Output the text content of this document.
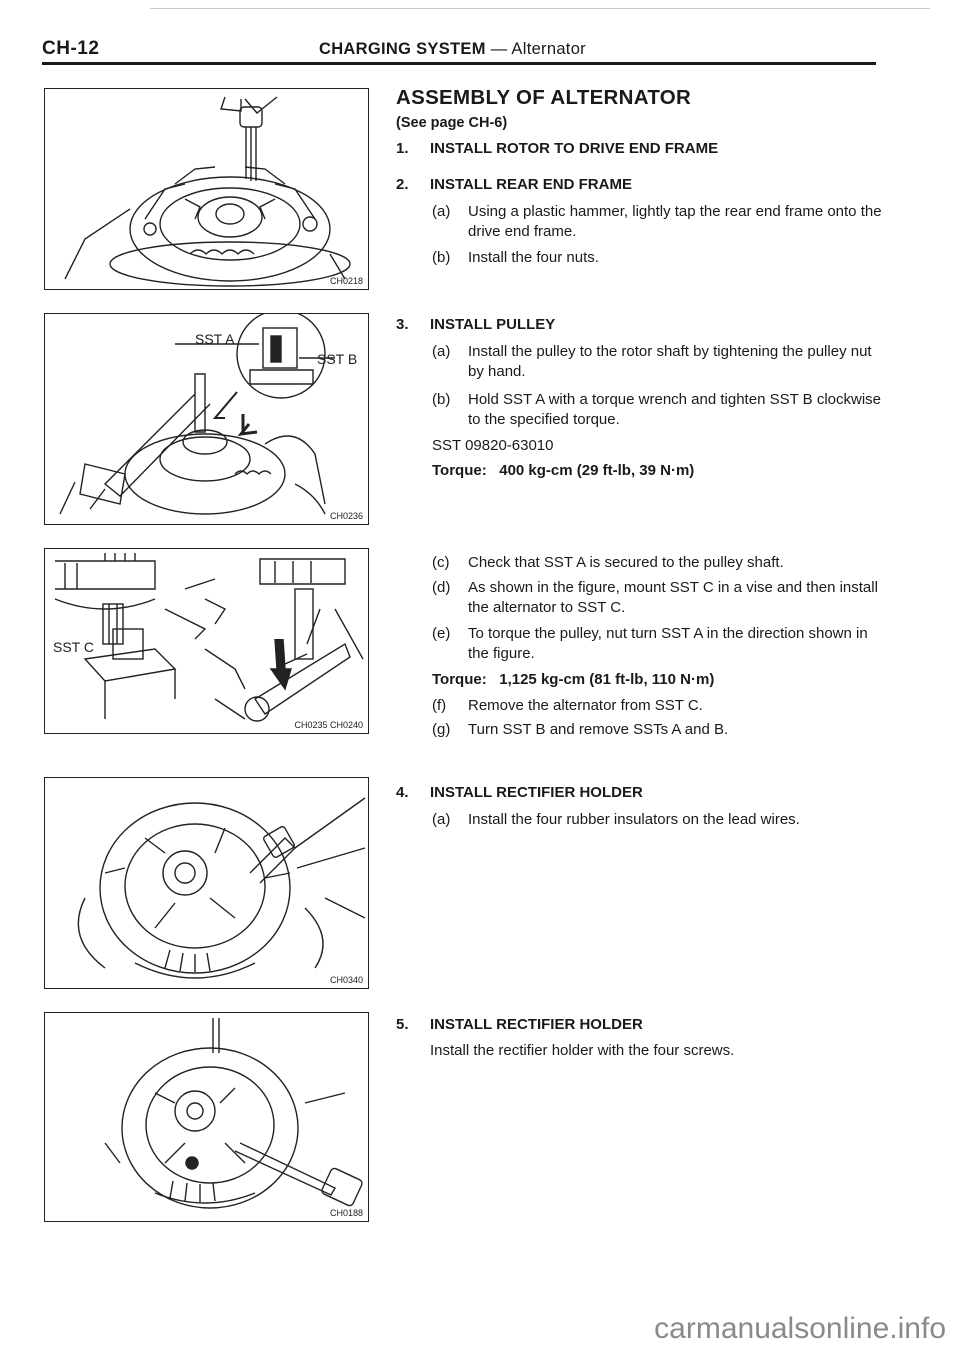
CH-12	CHARGING SYSTEM — Alternator
CH0218
SST A
SST B
CH0236
SST C
CH0235 CH0240
CH0340
CH0188
ASSEMBLY OF ALTERNATOR
(See page CH-6)
1. INSTALL ROTOR TO DRIVE END FRAME
2. INSTALL REAR END FRAME
(a)	Using a plastic hammer, lightly tap the rear end frame onto the drive end frame.
(b)	Install the four nuts.
3. INSTALL PULLEY
(a)	Install the pulley to the rotor shaft by tightening the pulley nut by hand.
(b)	Hold SST A with a torque wrench and tighten SST B clockwise to the specified torque.
SST 09820-63010
Torque: 400 kg-cm (29 ft-lb, 39 N·m)
(c)	Check that SST A is secured to the pulley shaft.
(d)	As shown in the figure, mount SST C in a vise and then install the alternator to SST C.
(e)	To torque the pulley, nut turn SST A in the direction shown in the figure.
Torque: 1,125 kg-cm (81 ft-lb, 110 N·m)
(f)	Remove the alternator from SST C.
(g)	Turn SST B and remove SSTs A and B.
4. INSTALL RECTIFIER HOLDER
(a)	Install the four rubber insulators on the lead wires.
5. INSTALL RECTIFIER HOLDER
Install the rectifier holder with the four screws.
carmanualsonline.info
